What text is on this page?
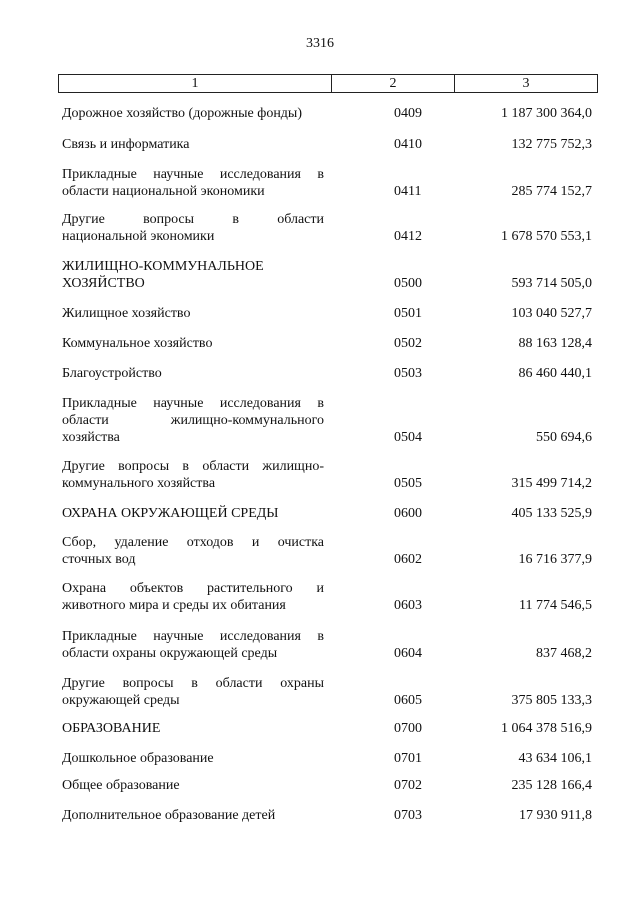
3316
1	2	3
Дорожное хозяйство (дорожные фонды)	0409	1 187 300 364,0
Связь и информатика	0410	132 775 752,3
Прикладные научные исследования в
области национальной экономики	0411	285 774 152,7
Другие вопросы в области
национальной экономики	0412	1 678 570 553,1
ЖИЛИЩНО-КОММУНАЛЬНОЕ
ХОЗЯЙСТВО	0500	593 714 505,0
Жилищное хозяйство	0501	103 040 527,7
Коммунальное хозяйство	0502	88 163 128,4
Благоустройство	0503	86 460 440,1
Прикладные научные исследования в
области жилищно-коммунального
хозяйства	0504	550 694,6
Другие вопросы в области жилищно-
коммунального хозяйства	0505	315 499 714,2
ОХРАНА ОКРУЖАЮЩЕЙ СРЕДЫ	0600	405 133 525,9
Сбор, удаление отходов и очистка
сточных вод	0602	16 716 377,9
Охрана объектов растительного и
животного мира и среды их обитания	0603	11 774 546,5
Прикладные научные исследования в
области охраны окружающей среды	0604	837 468,2
Другие вопросы в области охраны
окружающей среды	0605	375 805 133,3
ОБРАЗОВАНИЕ	0700	1 064 378 516,9
Дошкольное образование	0701	43 634 106,1
Общее образование	0702	235 128 166,4
Дополнительное образование детей	0703	17 930 911,8
